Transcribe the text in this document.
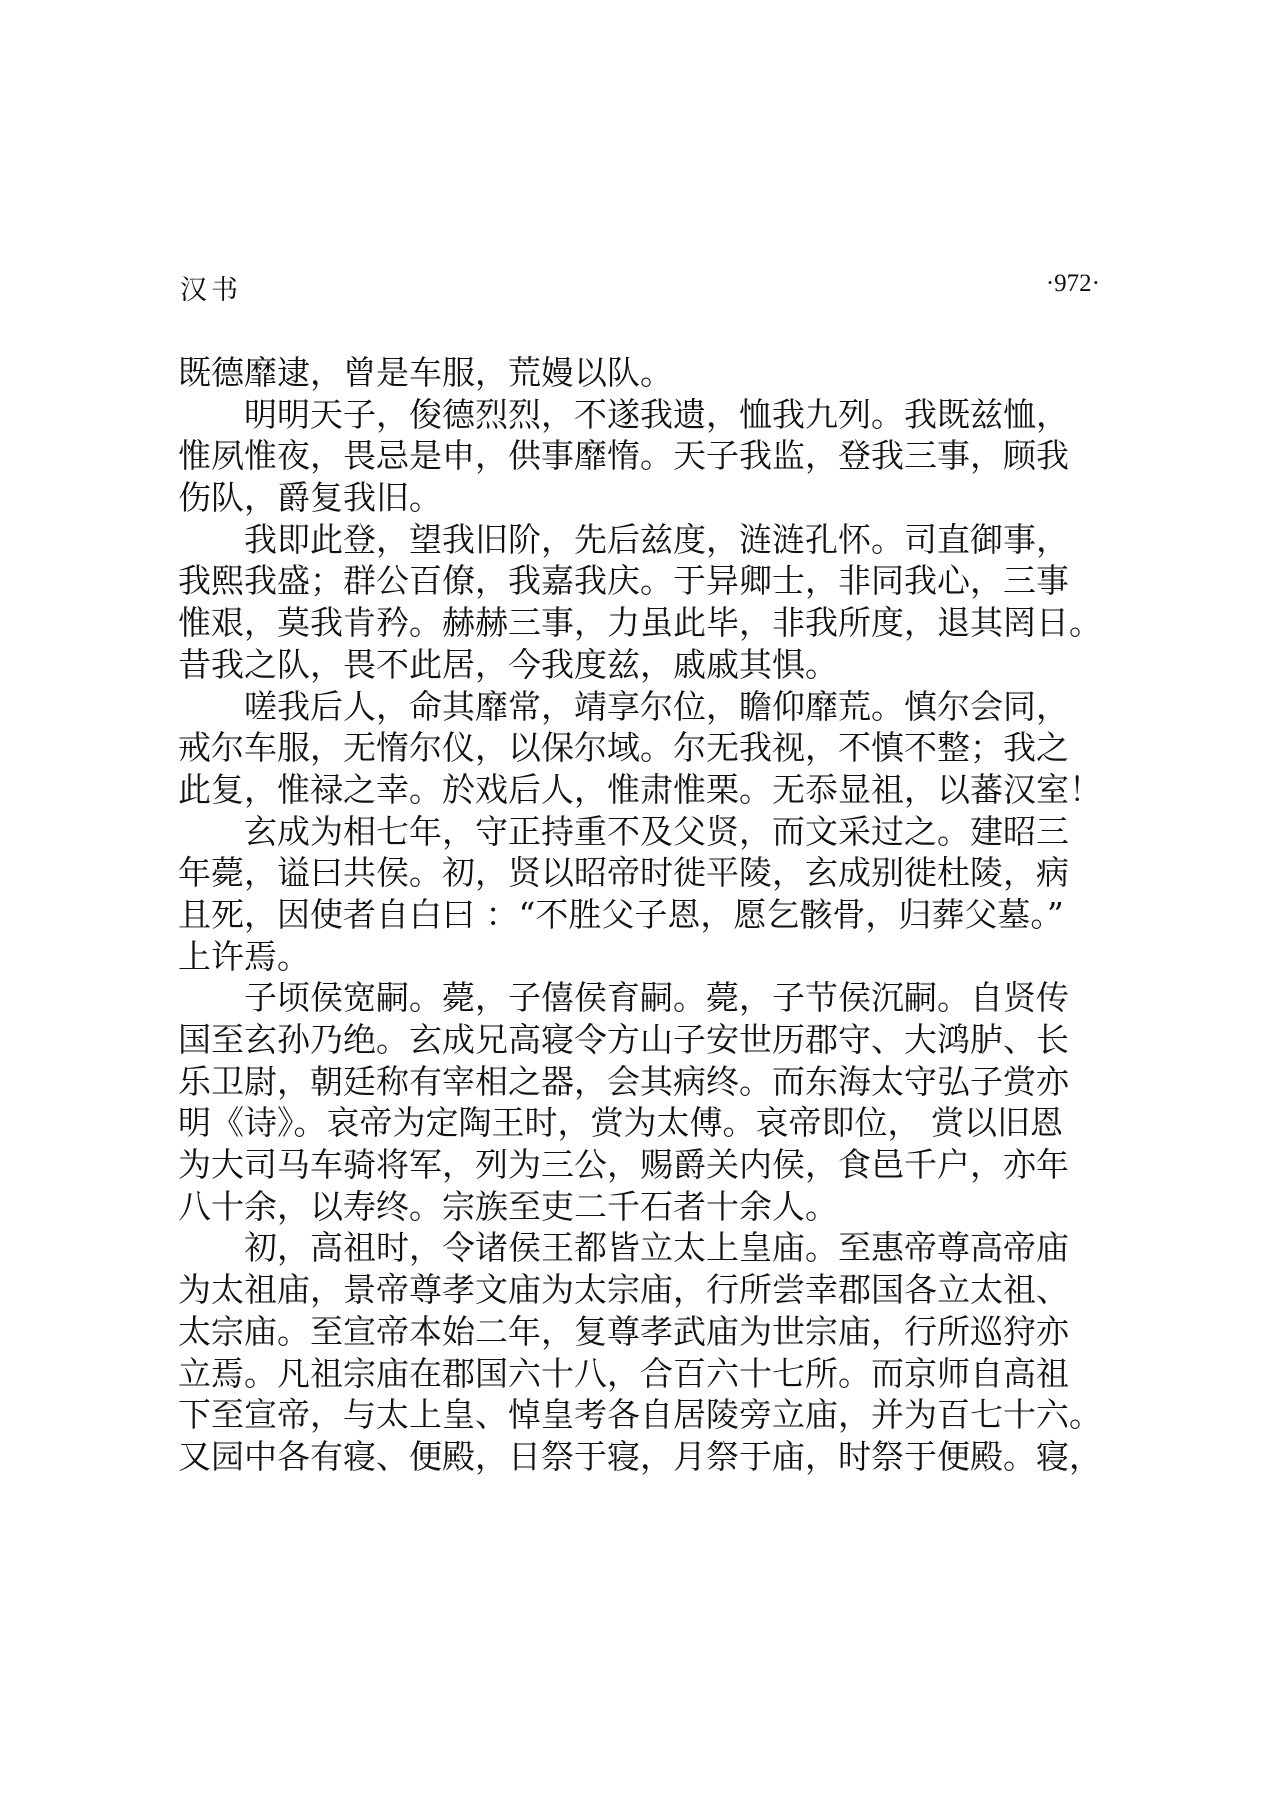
汉书	·972·
既德靡逮，曾是车服，荒嫚以队。
明明天子，俊德烈烈，不遂我遗，恤我九列。我既兹恤，
惟夙惟夜，畏忌是申，供事靡惰。天子我监，登我三事，顾我
伤队，爵复我旧。
我即此登，望我旧阶，先后兹度，涟涟孔怀。司直御事，
我熙我盛；群公百僚，我嘉我庆。于异卿士，非同我心，三事
惟艰，莫我肯矜。赫赫三事，力虽此毕，非我所度，退其罔日。
昔我之队，畏不此居，今我度兹，戚戚其惧。
嗟我后人，命其靡常，靖享尔位，瞻仰靡荒。慎尔会同，
戒尔车服，无惰尔仪，以保尔域。尔无我视，不慎不整；我之
此复，惟禄之幸。於戏后人，惟肃惟栗。无忝显祖，以蕃汉室！
玄成为相七年，守正持重不及父贤，而文采过之。建昭三
年薨，谥曰共侯。初，贤以昭帝时徙平陵，玄成别徙杜陵，病
且死，因使者自白曰 ：“不胜父子恩，愿乞骸骨，归葬父墓。”
上许焉。
子顷侯宽嗣。薨，子僖侯育嗣。薨，子节侯沉嗣。自贤传
国至玄孙乃绝。玄成兄高寝令方山子安世历郡守、大鸿胪、长
乐卫尉，朝廷称有宰相之器，会其病终。而东海太守弘子赏亦
明《诗》。哀帝为定陶王时，赏为太傅。哀帝即位， 赏以旧恩
为大司马车骑将军，列为三公，赐爵关内侯，食邑千户，亦年
八十余，以寿终。宗族至吏二千石者十余人。
初，高祖时，令诸侯王都皆立太上皇庙。至惠帝尊高帝庙
为太祖庙，景帝尊孝文庙为太宗庙，行所尝幸郡国各立太祖、
太宗庙。至宣帝本始二年，复尊孝武庙为世宗庙，行所巡狩亦
立焉。凡祖宗庙在郡国六十八，合百六十七所。而京师自高祖
下至宣帝，与太上皇、悼皇考各自居陵旁立庙，并为百七十六。
又园中各有寝、便殿，日祭于寝，月祭于庙，时祭于便殿。寝，
